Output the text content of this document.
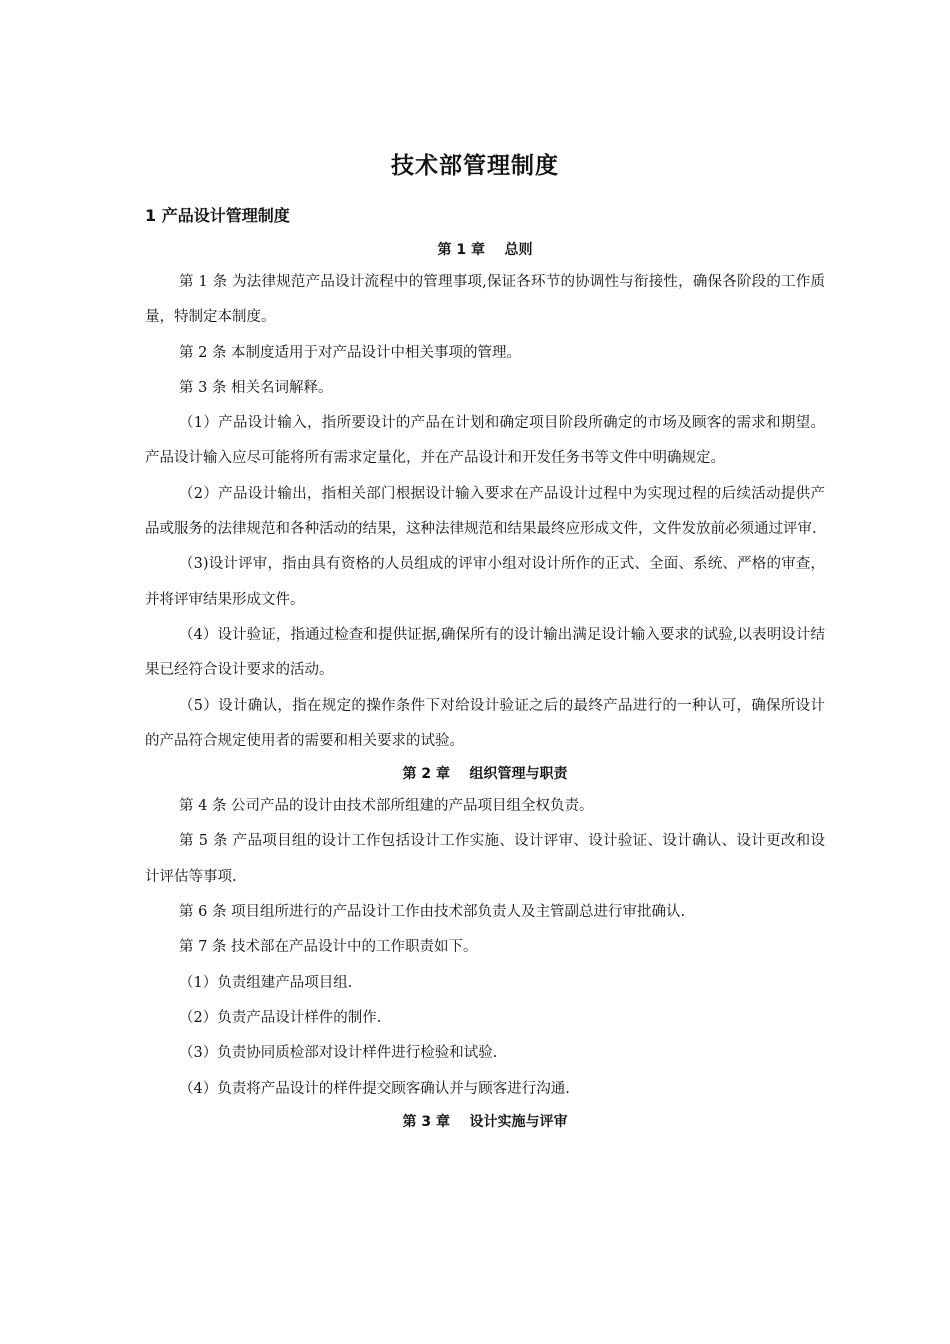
技术部管理制度
1 产品设计管理制度
第 1 章    总则

第 1 条 为法律规范产品设计流程中的管理事项,保证各环节的协调性与衔接性，确保各阶段的工作质量，特制定本制度。

第 2 条 本制度适用于对产品设计中相关事项的管理。

第 3 条 相关名词解释。

（1）产品设计输入，指所要设计的产品在计划和确定项目阶段所确定的市场及顾客的需求和期望。产品设计输入应尽可能将所有需求定量化，并在产品设计和开发任务书等文件中明确规定。

（2）产品设计输出，指相关部门根据设计输入要求在产品设计过程中为实现过程的后续活动提供产品或服务的法律规范和各种活动的结果，这种法律规范和结果最终应形成文件，文件发放前必须通过评审.

（3)设计评审，指由具有资格的人员组成的评审小组对设计所作的正式、全面、系统、严格的审查，并将评审结果形成文件。

（4）设计验证，指通过检查和提供证据,确保所有的设计输出满足设计输入要求的试验,以表明设计结果已经符合设计要求的活动。

（5）设计确认，指在规定的操作条件下对给设计验证之后的最终产品进行的一种认可，确保所设计的产品符合规定使用者的需要和相关要求的试验。

第 2 章    组织管理与职责

第 4 条 公司产品的设计由技术部所组建的产品项目组全权负责。

第 5 条 产品项目组的设计工作包括设计工作实施、设计评审、设计验证、设计确认、设计更改和设计评估等事项.

第 6 条 项目组所进行的产品设计工作由技术部负责人及主管副总进行审批确认.

第 7 条 技术部在产品设计中的工作职责如下。

（1）负责组建产品项目组.

（2）负责产品设计样件的制作.

（3）负责协同质检部对设计样件进行检验和试验.

（4）负责将产品设计的样件提交顾客确认并与顾客进行沟通.

第 3 章    设计实施与评审
